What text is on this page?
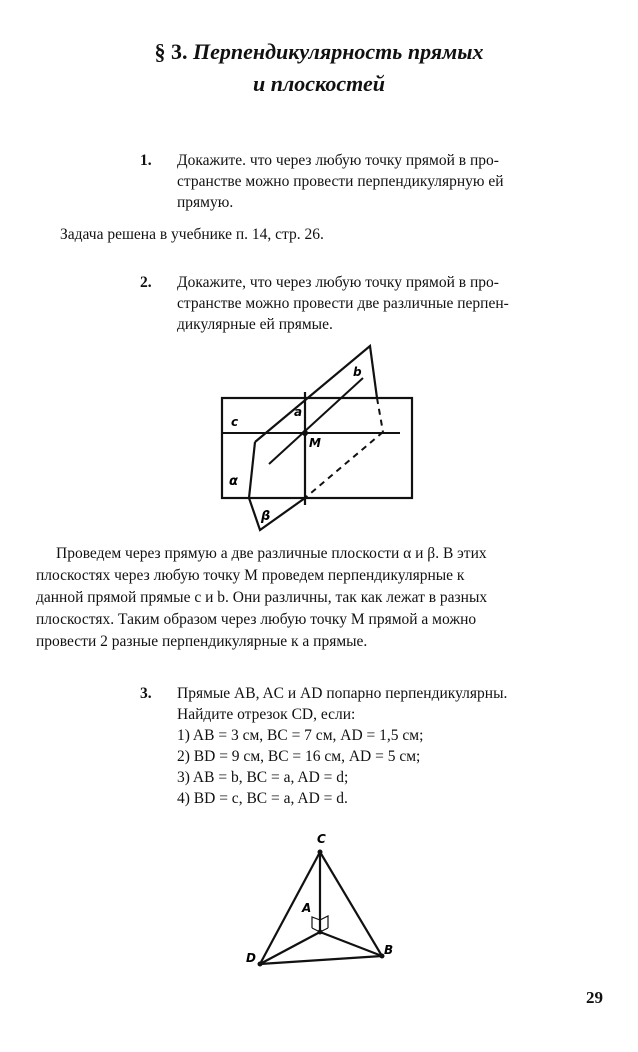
§ 3. Перпендикулярность прямых
и плоскостей
1. Докажите. что через любую точку прямой в про-
странстве можно провести перпендикулярную ей
прямую.
Задача решена в учебнике п. 14, стр. 26.
2. Докажите, что через любую точку прямой в про-
странстве можно провести две различные перпен-
дикулярные ей прямые.
c
a
b
M
α
β
Проведем через прямую a две различные плоскости α и β. В этих
плоскостях через любую точку М проведем перпендикулярные к
данной прямой прямые c и b. Они различны, так как лежат в разных
плоскостях. Таким образом через любую точку М прямой a можно
провести 2 разные перпендикулярные к a прямые.
3. Прямые AB, AC и AD попарно перпендикулярны.
Найдите отрезок CD, если:
1) AB = 3 см, BC = 7 см, AD = 1,5 см;
2) BD = 9 см, BC = 16 см, AD = 5 см;
3) AB = b, BC = a, AD = d;
4) BD = c, BC = a, AD = d.
C
A
D
B
29
